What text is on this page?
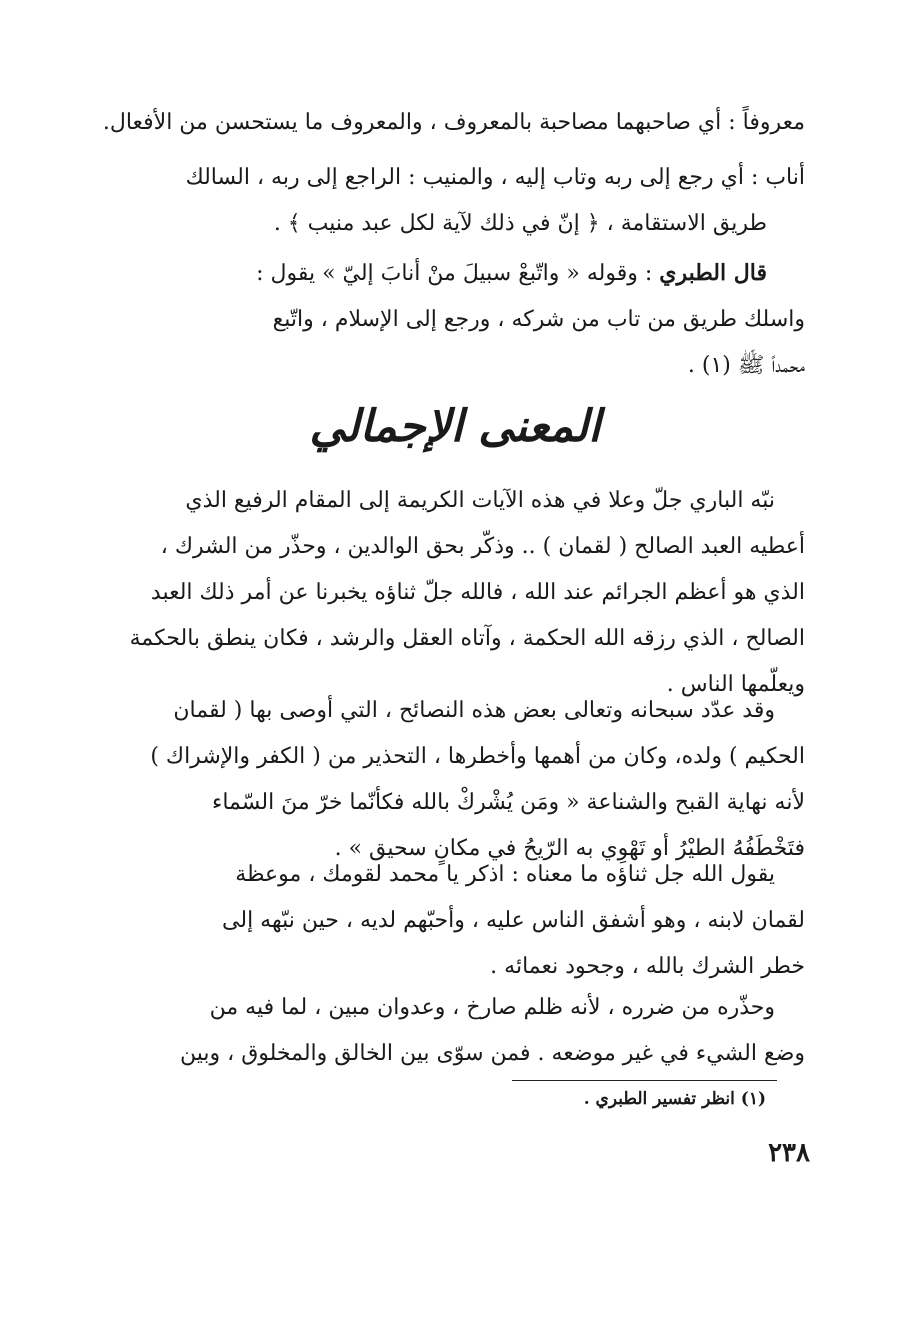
معروفاً : أي صاحبهما مصاحبة بالمعروف ، والمعروف ما يستحسن من الأفعال.
أناب : أي رجع إلى ربه وتاب إليه ، والمنيب : الراجع إلى ربه ، السالك
طريق الاستقامة ، ﴿ إنّ في ذلك لآية لكل عبد منيب ﴾ .
قال الطبري : وقوله « واتّبعْ سبيلَ منْ أنابَ إليّ » يقول :
واسلك طريق من تاب من شركه ، ورجع إلى الإسلام ، واتّبع
محمداً ﷺ (١) .
المعنى الإجمالي
نبّه الباري جلّ وعلا في هذه الآيات الكريمة إلى المقام الرفيع الذي
أعطيه العبد الصالح ( لقمان ) .. وذكّر بحق الوالدين ، وحذّر من الشرك ،
الذي هو أعظم الجرائم عند الله ، فالله جلّ ثناؤه يخبرنا عن أمر ذلك العبد
الصالح ، الذي رزقه الله الحكمة ، وآتاه العقل والرشد ، فكان ينطق بالحكمة
ويعلّمها الناس .
وقد عدّد سبحانه وتعالى بعض هذه النصائح ، التي أوصى بها ( لقمان
الحكيم ) ولده، وكان من أهمها وأخطرها ، التحذير من ( الكفر والإشراك )
لأنه نهاية القبح والشناعة « ومَن يُشْركْ بالله فكأنّما خرّ منَ السّماء
فتَخْطَفُهُ الطيْرُ أو تَهْوِي به الرّيحُ في مكانٍ سحيق » .
يقول الله جل ثناؤه ما معناه : اذكر يا محمد لقومك ، موعظة
لقمان لابنه ، وهو أشفق الناس عليه ، وأحبّهم لديه ، حين نبّهه إلى
خطر الشرك بالله ، وجحود نعمائه .
وحذّره من ضرره ، لأنه ظلم صارخ ، وعدوان مبين ، لما فيه من
وضع الشيء في غير موضعه . فمن سوّى بين الخالق والمخلوق ، وبين
(١) انظر تفسير الطبري .
٢٣٨
